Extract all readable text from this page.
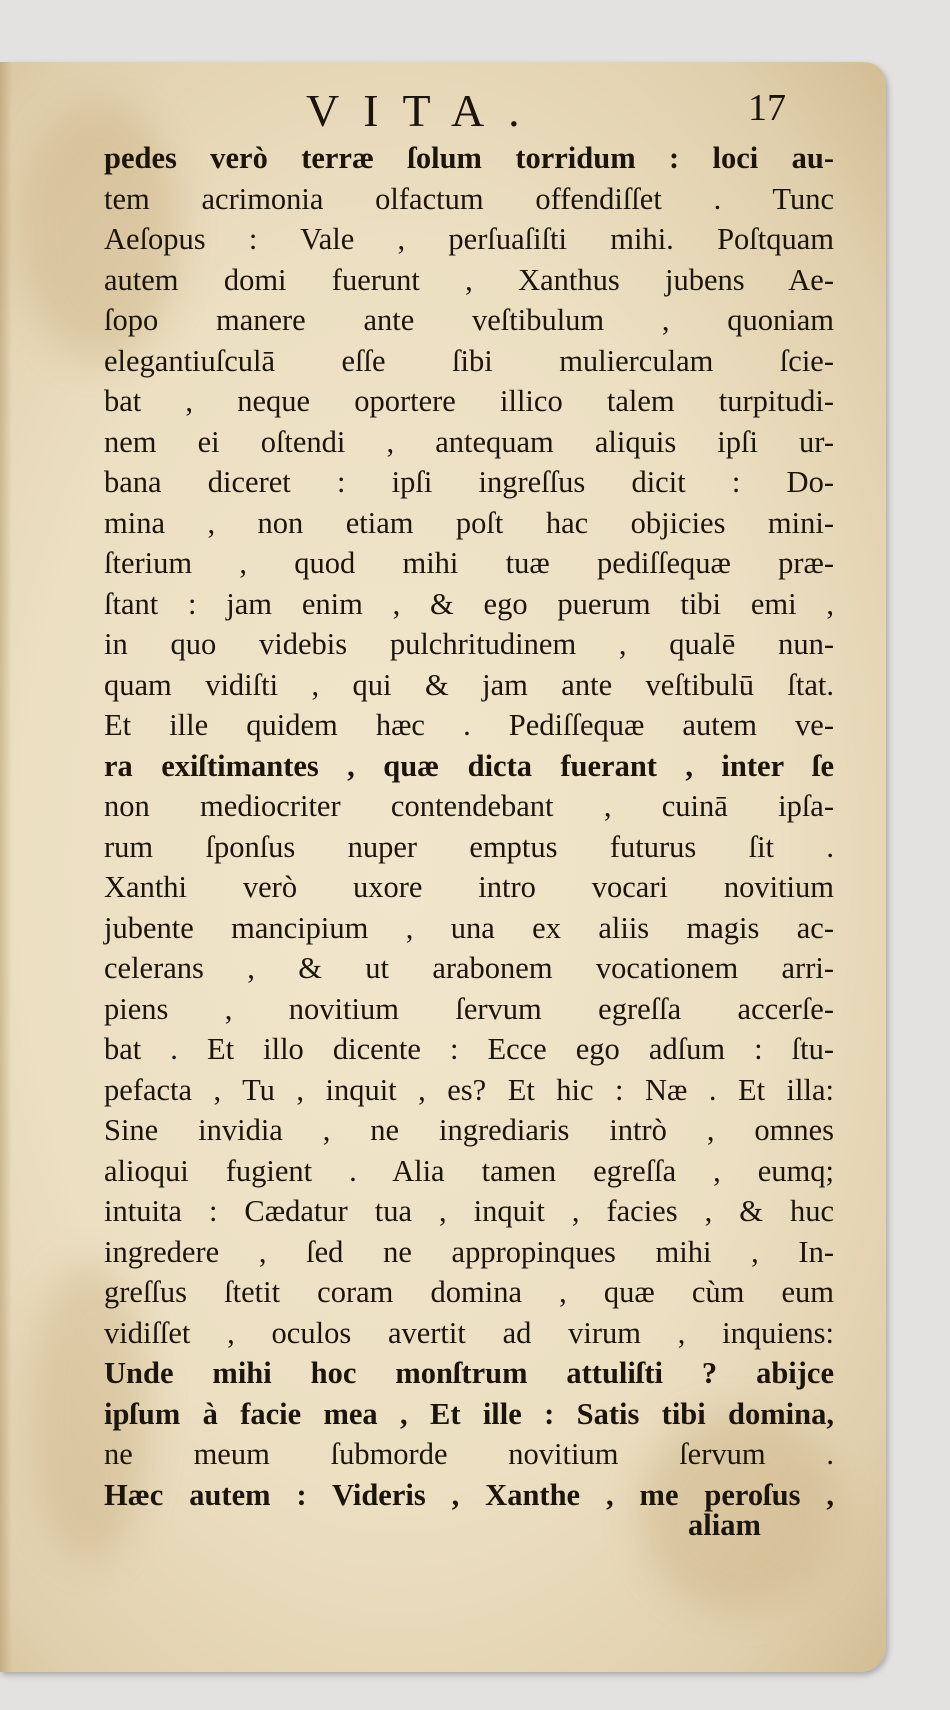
VITA.	17
pedes verò terræ ſolum torridum : loci au-
tem acrimonia olfactum offendiſſet . Tunc
Aeſopus : Vale , perſuaſiſti mihi. Poſtquam
autem domi fuerunt , Xanthus jubens Ae-
ſopo manere ante veſtibulum , quoniam
elegantiuſculā eſſe ſibi mulierculam ſcie-
bat , neque oportere illico talem turpitudi-
nem ei oſtendi , antequam aliquis ipſi ur-
bana diceret : ipſi ingreſſus dicit : Do-
mina , non etiam poſt hac objicies mini-
ſterium , quod mihi tuæ pediſſequæ præ-
ſtant : jam enim , & ego puerum tibi emi ,
in quo videbis pulchritudinem , qualē nun-
quam vidiſti , qui & jam ante veſtibulū ſtat.
Et ille quidem hæc . Pediſſequæ autem ve-
ra exiſtimantes , quæ dicta fuerant , inter ſe
non mediocriter contendebant , cuinā ipſa-
rum ſponſus nuper emptus futurus ſit .
Xanthi verò uxore intro vocari novitium
jubente mancipium , una ex aliis magis ac-
celerans , & ut arabonem vocationem arri-
piens , novitium ſervum egreſſa accerſe-
bat . Et illo dicente : Ecce ego adſum : ſtu-
pefacta , Tu , inquit , es? Et hic : Næ . Et illa:
Sine invidia , ne ingrediaris intrò , omnes
alioqui fugient . Alia tamen egreſſa , eumq;
intuita : Cædatur tua , inquit , facies , & huc
ingredere , ſed ne appropinques mihi , In-
greſſus ſtetit coram domina , quæ cùm eum
vidiſſet , oculos avertit ad virum , inquiens:
Unde mihi hoc monſtrum attuliſti ? abijce
ipſum à facie mea , Et ille : Satis tibi domina,
ne meum ſubmorde novitium ſervum .
Hæc autem : Videris , Xanthe , me peroſus ,
aliam
